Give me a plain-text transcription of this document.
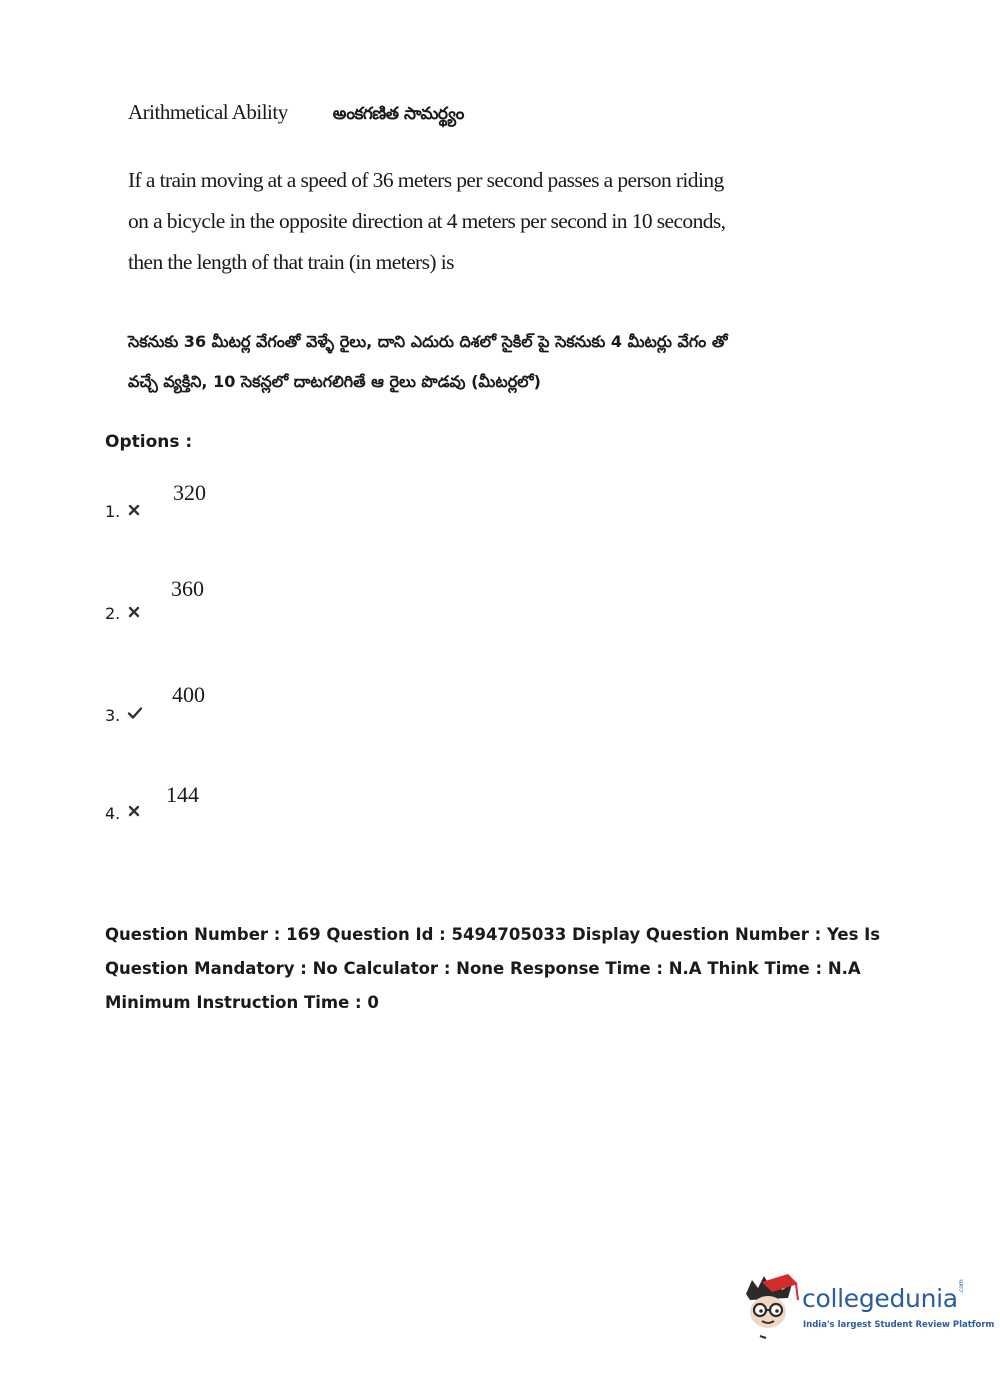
Arithmetical Ability	అంకగణిత సామర్థ్యం
If a train moving at a speed of 36 meters per second passes a person riding on a bicycle in the opposite direction at 4 meters per second in 10 seconds, then the length of that train (in meters) is
సెకనుకు 36 మీటర్ల వేగంతో వెళ్ళే రైలు, దాని ఎదురు దిశలో సైకిల్ పై సెకనుకు 4 మీటర్లు వేగం తో వచ్చే వ్యక్తిని, 10 సెకన్లలో దాటగలిగితే ఆ రైలు పొడవు (మీటర్లలో)
Options :
1.
320
2.
360
3.
400
4.
144
Question Number : 169 Question Id : 5494705033 Display Question Number : Yes Is Question Mandatory : No Calculator : None Response Time : N.A Think Time : N.A Minimum Instruction Time : 0
collegedunia .com
India's largest Student Review Platform
